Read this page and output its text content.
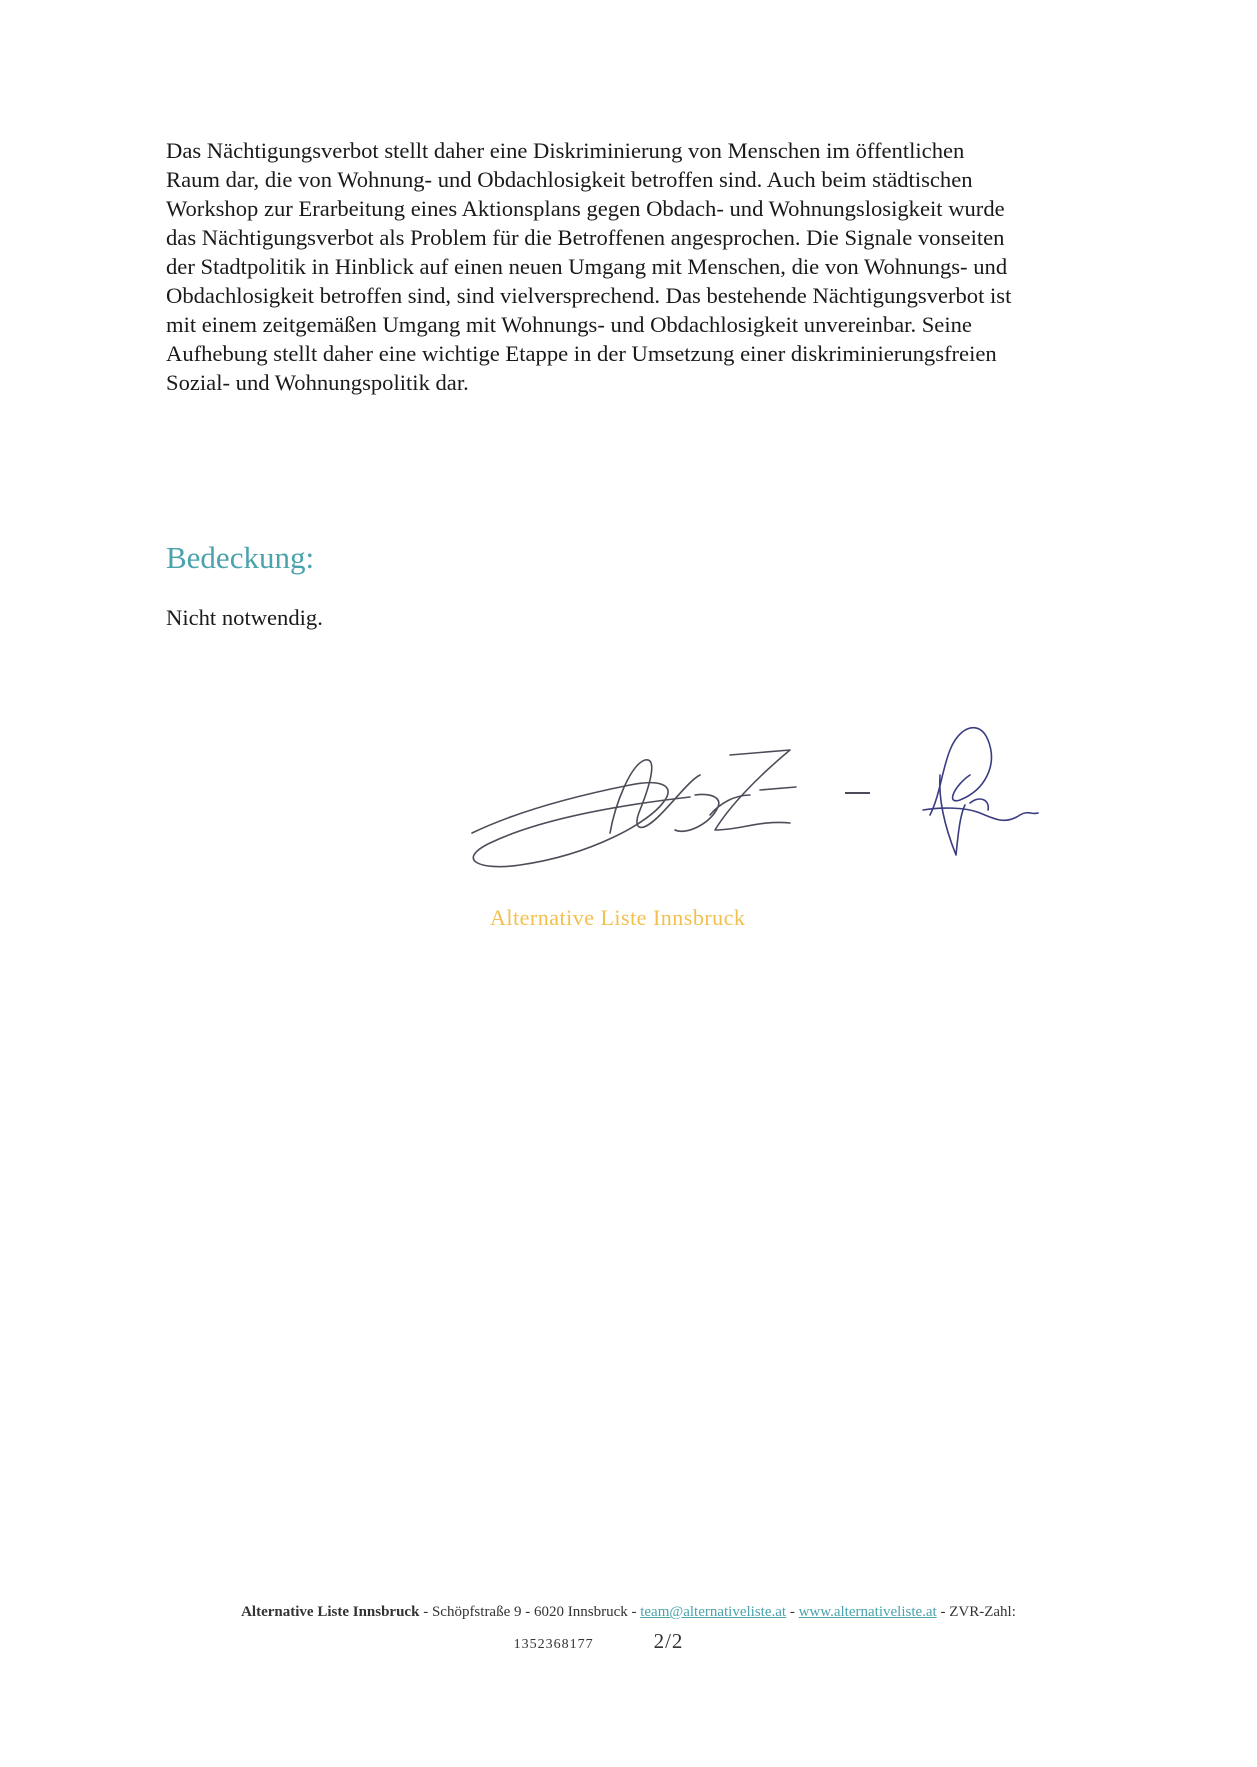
Das Nächtigungsverbot stellt daher eine Diskriminierung von Menschen im öffentlichen
Raum dar, die von Wohnung- und Obdachlosigkeit betroffen sind. Auch beim städtischen
Workshop zur Erarbeitung eines Aktionsplans gegen Obdach- und Wohnungslosigkeit wurde
das Nächtigungsverbot als Problem für die Betroffenen angesprochen. Die Signale vonseiten
der Stadtpolitik in Hinblick auf einen neuen Umgang mit Menschen, die von Wohnungs- und
Obdachlosigkeit betroffen sind, sind vielversprechend. Das bestehende Nächtigungsverbot ist
mit einem zeitgemäßen Umgang mit Wohnungs- und Obdachlosigkeit unvereinbar. Seine
Aufhebung stellt daher eine wichtige Etappe in der Umsetzung einer diskriminierungsfreien
Sozial- und Wohnungspolitik dar.

Bedeckung:

Nicht notwendig.

Alternative Liste Innsbruck
Alternative Liste Innsbruck - Schöpfstraße 9 - 6020 Innsbruck - team@alternativeliste.at - www.alternativeliste.at - ZVR-Zahl:
1352368177	2/2
